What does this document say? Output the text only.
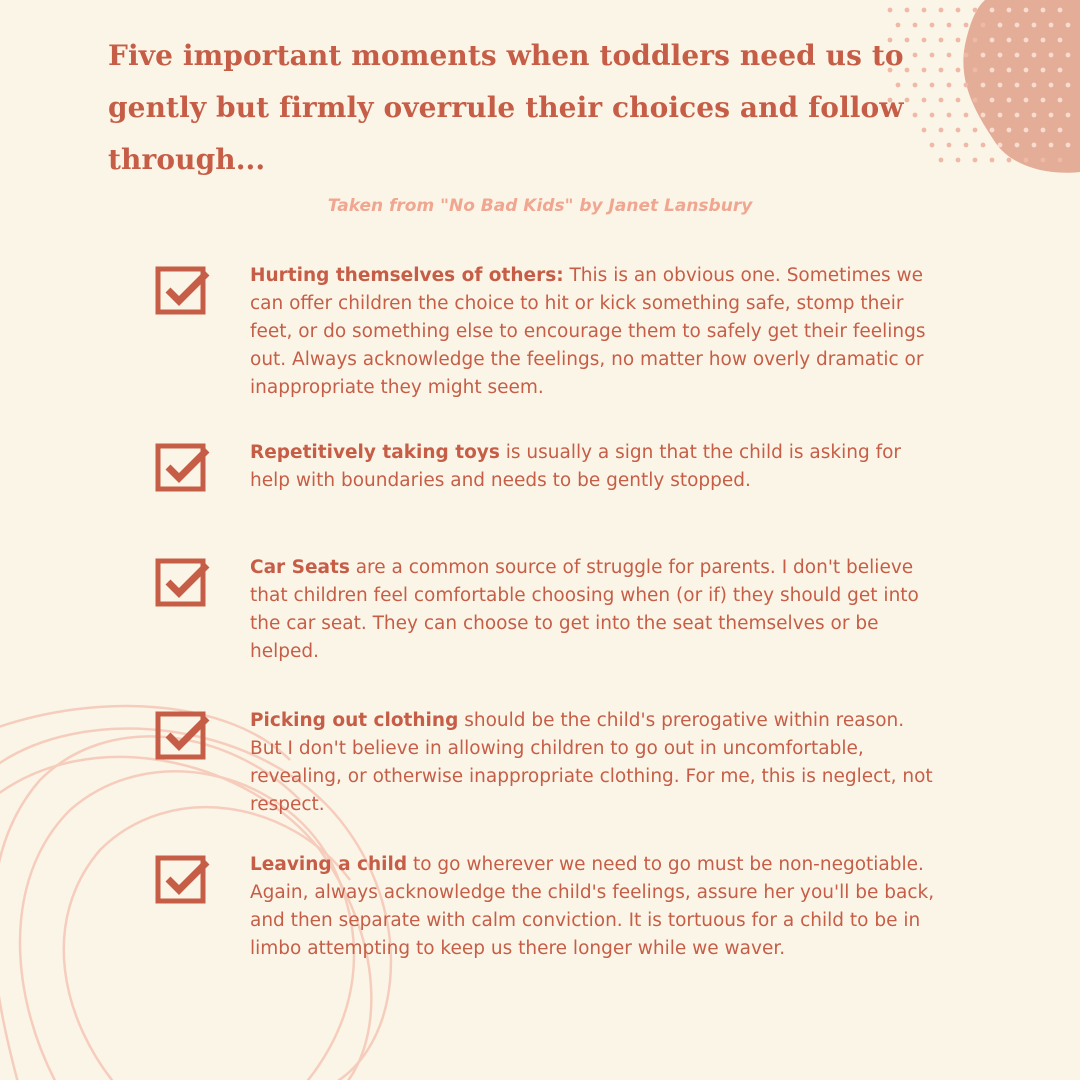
Five important moments when toddlers need us to gently but firmly overrule their choices and follow through...
Taken from "No Bad Kids" by Janet Lansbury

Hurting themselves of others: This is an obvious one. Sometimes we can offer children the choice to hit or kick something safe, stomp their feet, or do something else to encourage them to safely get their feelings out. Always acknowledge the feelings, no matter how overly dramatic or inappropriate they might seem.

Repetitively taking toys is usually a sign that the child is asking for help with boundaries and needs to be gently stopped.

Car Seats are a common source of struggle for parents. I don't believe that children feel comfortable choosing when (or if) they should get into the car seat. They can choose to get into the seat themselves or be helped.

Picking out clothing should be the child's prerogative within reason. But I don't believe in allowing children to go out in uncomfortable, revealing, or otherwise inappropriate clothing. For me, this is neglect, not respect.

Leaving a child to go wherever we need to go must be non-negotiable. Again, always acknowledge the child's feelings, assure her you'll be back, and then separate with calm conviction. It is tortuous for a child to be in limbo attempting to keep us there longer while we waver.
